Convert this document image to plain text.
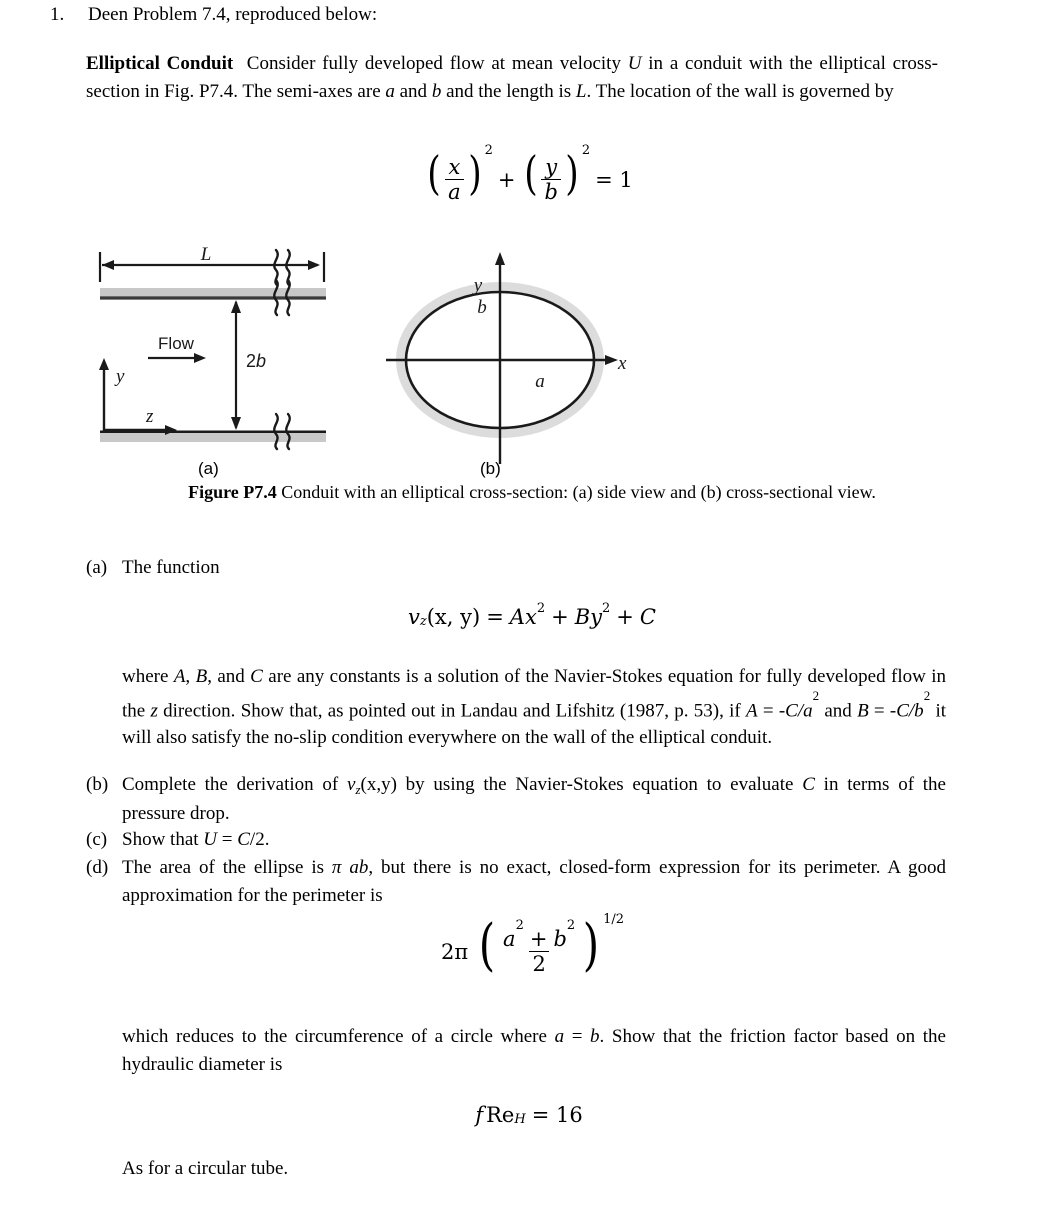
1.	Deen Problem 7.4, reproduced below:
Elliptical Conduit Consider fully developed flow at mean velocity U in a conduit with the elliptical cross-section in Fig. P7.4. The semi-axes are a and b and the length is L. The location of the wall is governed by
( $\frac{x}{a}$ ) 2
+ ( $\frac{y}{b}$ ) 2
= 1
L
Flow
2b
y
z
y
x
b
a
(a)	(b)
Figure P7.4 Conduit with an elliptical cross-section: (a) side view and (b) cross-sectional view.
(a) The function
v z (x, y) = A x 2 + B y 2 + C
where A, B, and C are any constants is a solution of the Navier-Stokes equation for fully developed flow in the z direction. Show that, as pointed out in Landau and Lifshitz (1987, p. 53), if $A = -C/a^2$ and $B = -C/b^2$ it will also satisfy the no-slip condition everywhere on the wall of the elliptical conduit.
(b) Complete the derivation of $v_z(x,y)$ by using the Navier-Stokes equation to evaluate C in terms of the pressure drop.
(c) Show that U = C/2.
(d) The area of the ellipse is π ab, but there is no exact, closed-form expression for its perimeter. A good approximation for the perimeter is
2π ( $\frac{a^2+ b^2}{2}$ ) 1/2
which reduces to the circumference of a circle where a = b. Show that the friction factor based on the hydraulic diameter is
f Re H = 16
As for a circular tube.
